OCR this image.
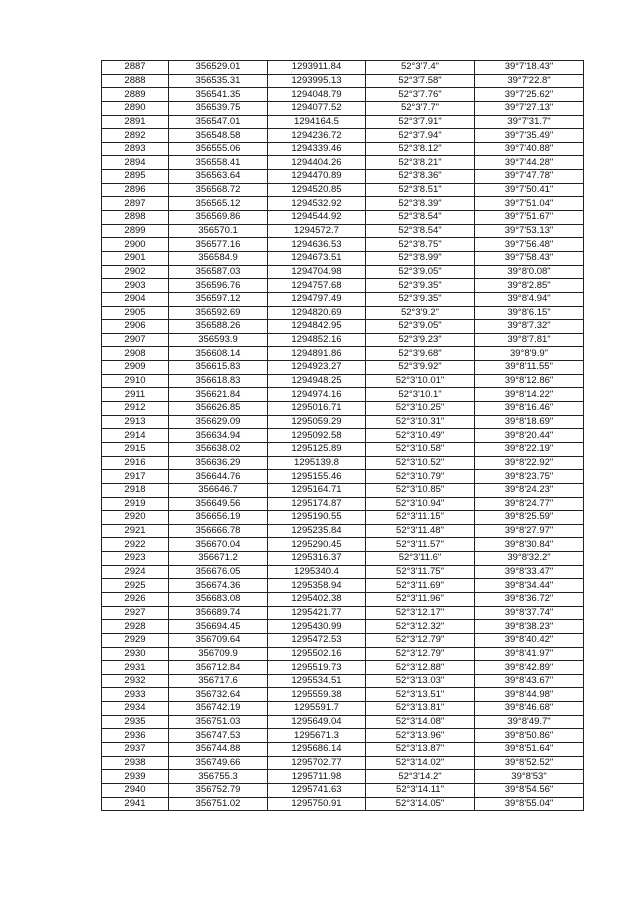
2887	356529.01	1293911.84	52°3'7.4"	39°7'18.43"
2888	356535.31	1293995.13	52°3'7.58"	39°7'22.8"
2889	356541.35	1294048.79	52°3'7.76"	39°7'25.62"
2890	356539.75	1294077.52	52°3'7.7"	39°7'27.13"
2891	356547.01	1294164.5	52°3'7.91"	39°7'31.7"
2892	356548.58	1294236.72	52°3'7.94"	39°7'35.49"
2893	356555.06	1294339.46	52°3'8.12"	39°7'40.88"
2894	356558.41	1294404.26	52°3'8.21"	39°7'44.28"
2895	356563.64	1294470.89	52°3'8.36"	39°7'47.78"
2896	356568.72	1294520.85	52°3'8.51"	39°7'50.41"
2897	356565.12	1294532.92	52°3'8.39"	39°7'51.04"
2898	356569.86	1294544.92	52°3'8.54"	39°7'51.67"
2899	356570.1	1294572.7	52°3'8.54"	39°7'53.13"
2900	356577.16	1294636.53	52°3'8.75"	39°7'56.48"
2901	356584.9	1294673.51	52°3'8.99"	39°7'58.43"
2902	356587.03	1294704.98	52°3'9.05"	39°8'0.08"
2903	356596.76	1294757.68	52°3'9.35"	39°8'2.85"
2904	356597.12	1294797.49	52°3'9.35"	39°8'4.94"
2905	356592.69	1294820.69	52°3'9.2"	39°8'6.15"
2906	356588.26	1294842.95	52°3'9.05"	39°8'7.32"
2907	356593.9	1294852.16	52°3'9.23"	39°8'7.81"
2908	356608.14	1294891.86	52°3'9.68"	39°8'9.9"
2909	356615.83	1294923.27	52°3'9.92"	39°8'11.55"
2910	356618.83	1294948.25	52°3'10.01"	39°8'12.86"
2911	356621.84	1294974.16	52°3'10.1"	39°8'14.22"
2912	356626.85	1295016.71	52°3'10.25"	39°8'16.46"
2913	356629.09	1295059.29	52°3'10.31"	39°8'18.69"
2914	356634.94	1295092.58	52°3'10.49"	39°8'20.44"
2915	356638.02	1295125.89	52°3'10.58"	39°8'22.19"
2916	356636.29	1295139.8	52°3'10.52"	39°8'22.92"
2917	356644.76	1295155.46	52°3'10.79"	39°8'23.75"
2918	356646.7	1295164.71	52°3'10.85"	39°8'24.23"
2919	356649.56	1295174.87	52°3'10.94"	39°8'24.77"
2920	356656.19	1295190.55	52°3'11.15"	39°8'25.59"
2921	356666.78	1295235.84	52°3'11.48"	39°8'27.97"
2922	356670.04	1295290.45	52°3'11.57"	39°8'30.84"
2923	356671.2	1295316.37	52°3'11.6"	39°8'32.2"
2924	356676.05	1295340.4	52°3'11.75"	39°8'33.47"
2925	356674.36	1295358.94	52°3'11.69"	39°8'34.44"
2926	356683.08	1295402.38	52°3'11.96"	39°8'36.72"
2927	356689.74	1295421.77	52°3'12.17"	39°8'37.74"
2928	356694.45	1295430.99	52°3'12.32"	39°8'38.23"
2929	356709.64	1295472.53	52°3'12.79"	39°8'40.42"
2930	356709.9	1295502.16	52°3'12.79"	39°8'41.97"
2931	356712.84	1295519.73	52°3'12.88"	39°8'42.89"
2932	356717.6	1295534.51	52°3'13.03"	39°8'43.67"
2933	356732.64	1295559.38	52°3'13.51"	39°8'44.98"
2934	356742.19	1295591.7	52°3'13.81"	39°8'46.68"
2935	356751.03	1295649.04	52°3'14.08"	39°8'49.7"
2936	356747.53	1295671.3	52°3'13.96"	39°8'50.86"
2937	356744.88	1295686.14	52°3'13.87"	39°8'51.64"
2938	356749.66	1295702.77	52°3'14.02"	39°8'52.52"
2939	356755.3	1295711.98	52°3'14.2"	39°8'53"
2940	356752.79	1295741.63	52°3'14.11"	39°8'54.56"
2941	356751.02	1295750.91	52°3'14.05"	39°8'55.04"
